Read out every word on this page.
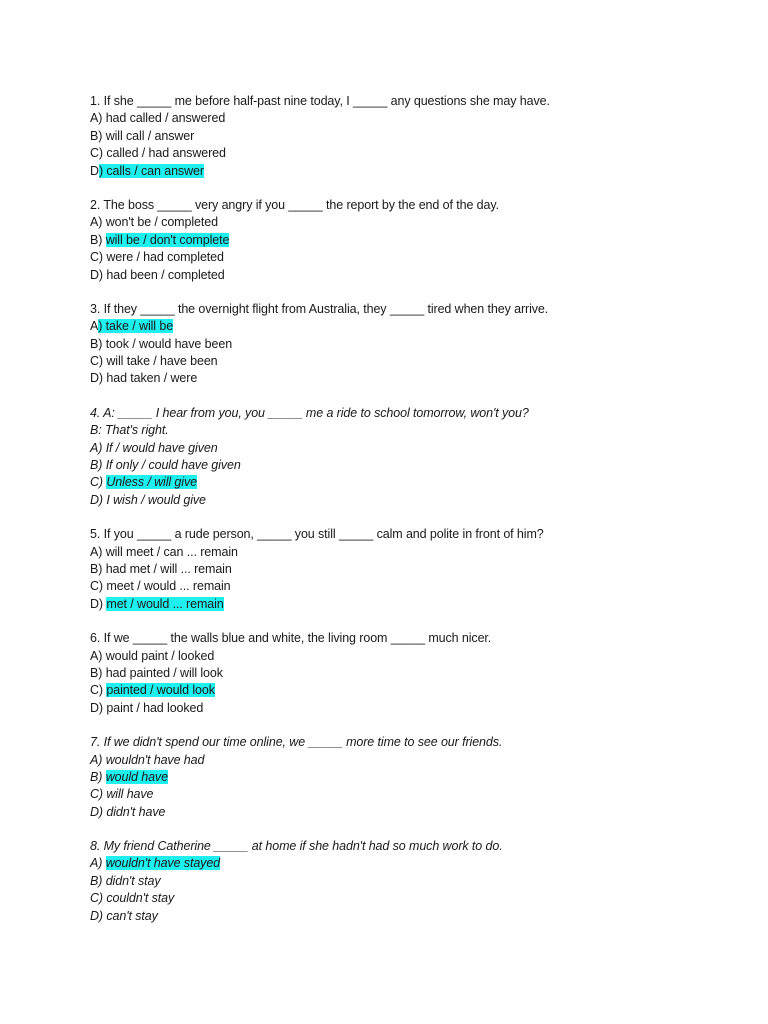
1. If she _____ me before half-past nine today, I _____ any questions she may have.
A) had called / answered
B) will call / answer
C) called / had answered
D) calls / can answer
2. The boss _____ very angry if you _____ the report by the end of the day.
A) won't be / completed
B) will be / don't complete
C) were / had completed
D) had been / completed
3. If they _____ the overnight flight from Australia, they _____ tired when they arrive.
A) take / will be
B) took / would have been
C) will take / have been
D) had taken / were
4. A: _____ I hear from you, you _____ me a ride to school tomorrow, won't you?
B: That's right.
A) If / would have given
B) If only / could have given
C) Unless / will give
D) I wish / would give
5. If you _____ a rude person, _____ you still _____ calm and polite in front of him?
A) will meet / can ... remain
B) had met / will ... remain
C) meet / would ... remain
D) met / would ... remain
6. If we _____ the walls blue and white, the living room _____ much nicer.
A) would paint / looked
B) had painted / will look
C) painted / would look
D) paint / had looked
7. If we didn't spend our time online, we _____ more time to see our friends.
A) wouldn't have had
B) would have
C) will have
D) didn't have
8. My friend Catherine _____ at home if she hadn't had so much work to do.
A) wouldn't have stayed
B) didn't stay
C) couldn't stay
D) can't stay
